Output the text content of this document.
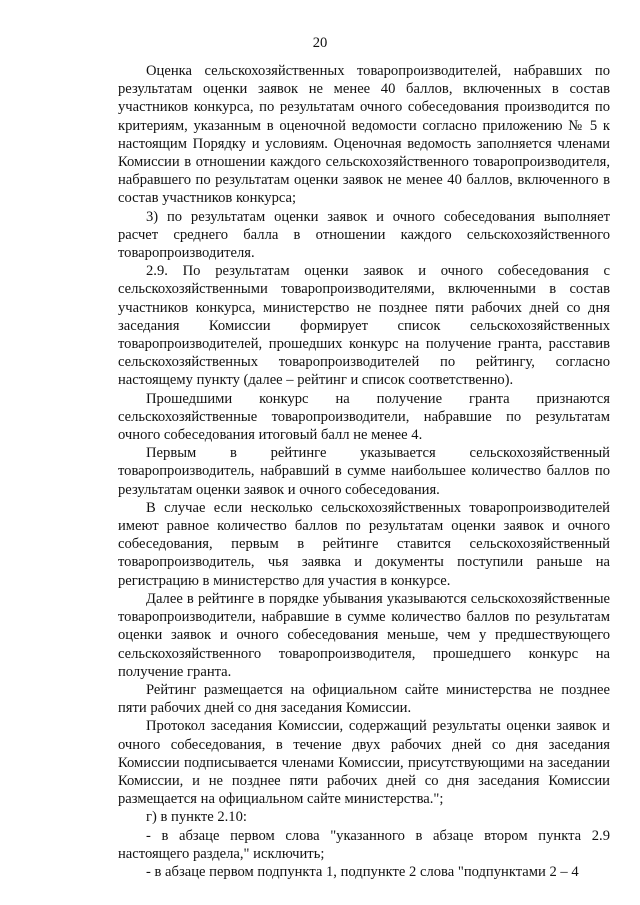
20

Оценка сельскохозяйственных товаропроизводителей, набравших по результатам оценки заявок не менее 40 баллов, включенных в состав участников конкурса, по результатам очного собеседования производится по критериям, указанным в оценочной ведомости согласно приложению № 5 к настоящим Порядку и условиям. Оценочная ведомость заполняется членами Комиссии в отношении каждого сельскохозяйственного товаропроизводителя, набравшего по результатам оценки заявок не менее 40 баллов, включенного в состав участников конкурса;

3) по результатам оценки заявок и очного собеседования выполняет расчет среднего балла в отношении каждого сельскохозяйственного товаропроизводителя.

2.9. По результатам оценки заявок и очного собеседования с сельскохозяйственными товаропроизводителями, включенными в состав участников конкурса, министерство не позднее пяти рабочих дней со дня заседания Комиссии формирует список сельскохозяйственных товаропроизводителей, прошедших конкурс на получение гранта, расставив сельскохозяйственных товаропроизводителей по рейтингу, согласно настоящему пункту (далее – рейтинг и список соответственно).

Прошедшими конкурс на получение гранта признаются сельскохозяйственные товаропроизводители, набравшие по результатам очного собеседования итоговый балл не менее 4.

Первым в рейтинге указывается сельскохозяйственный товаропроизводитель, набравший в сумме наибольшее количество баллов по результатам оценки заявок и очного собеседования.

В случае если несколько сельскохозяйственных товаропроизводителей имеют равное количество баллов по результатам оценки заявок и очного собеседования, первым в рейтинге ставится сельскохозяйственный товаропроизводитель, чья заявка и документы поступили раньше на регистрацию в министерство для участия в конкурсе.

Далее в рейтинге в порядке убывания указываются сельскохозяйственные товаропроизводители, набравшие в сумме количество баллов по результатам оценки заявок и очного собеседования меньше, чем у предшествующего сельскохозяйственного товаропроизводителя, прошедшего конкурс на получение гранта.

Рейтинг размещается на официальном сайте министерства не позднее пяти рабочих дней со дня заседания Комиссии.

Протокол заседания Комиссии, содержащий результаты оценки заявок и очного собеседования, в течение двух рабочих дней со дня заседания Комиссии подписывается членами Комиссии, присутствующими на заседании Комиссии, и не позднее пяти рабочих дней со дня заседания Комиссии размещается на официальном сайте министерства.";

г) в пункте 2.10:

- в абзаце первом слова "указанного в абзаце втором пункта 2.9 настоящего раздела," исключить;

- в абзаце первом подпункта 1, подпункте 2 слова "подпунктами 2 – 4
